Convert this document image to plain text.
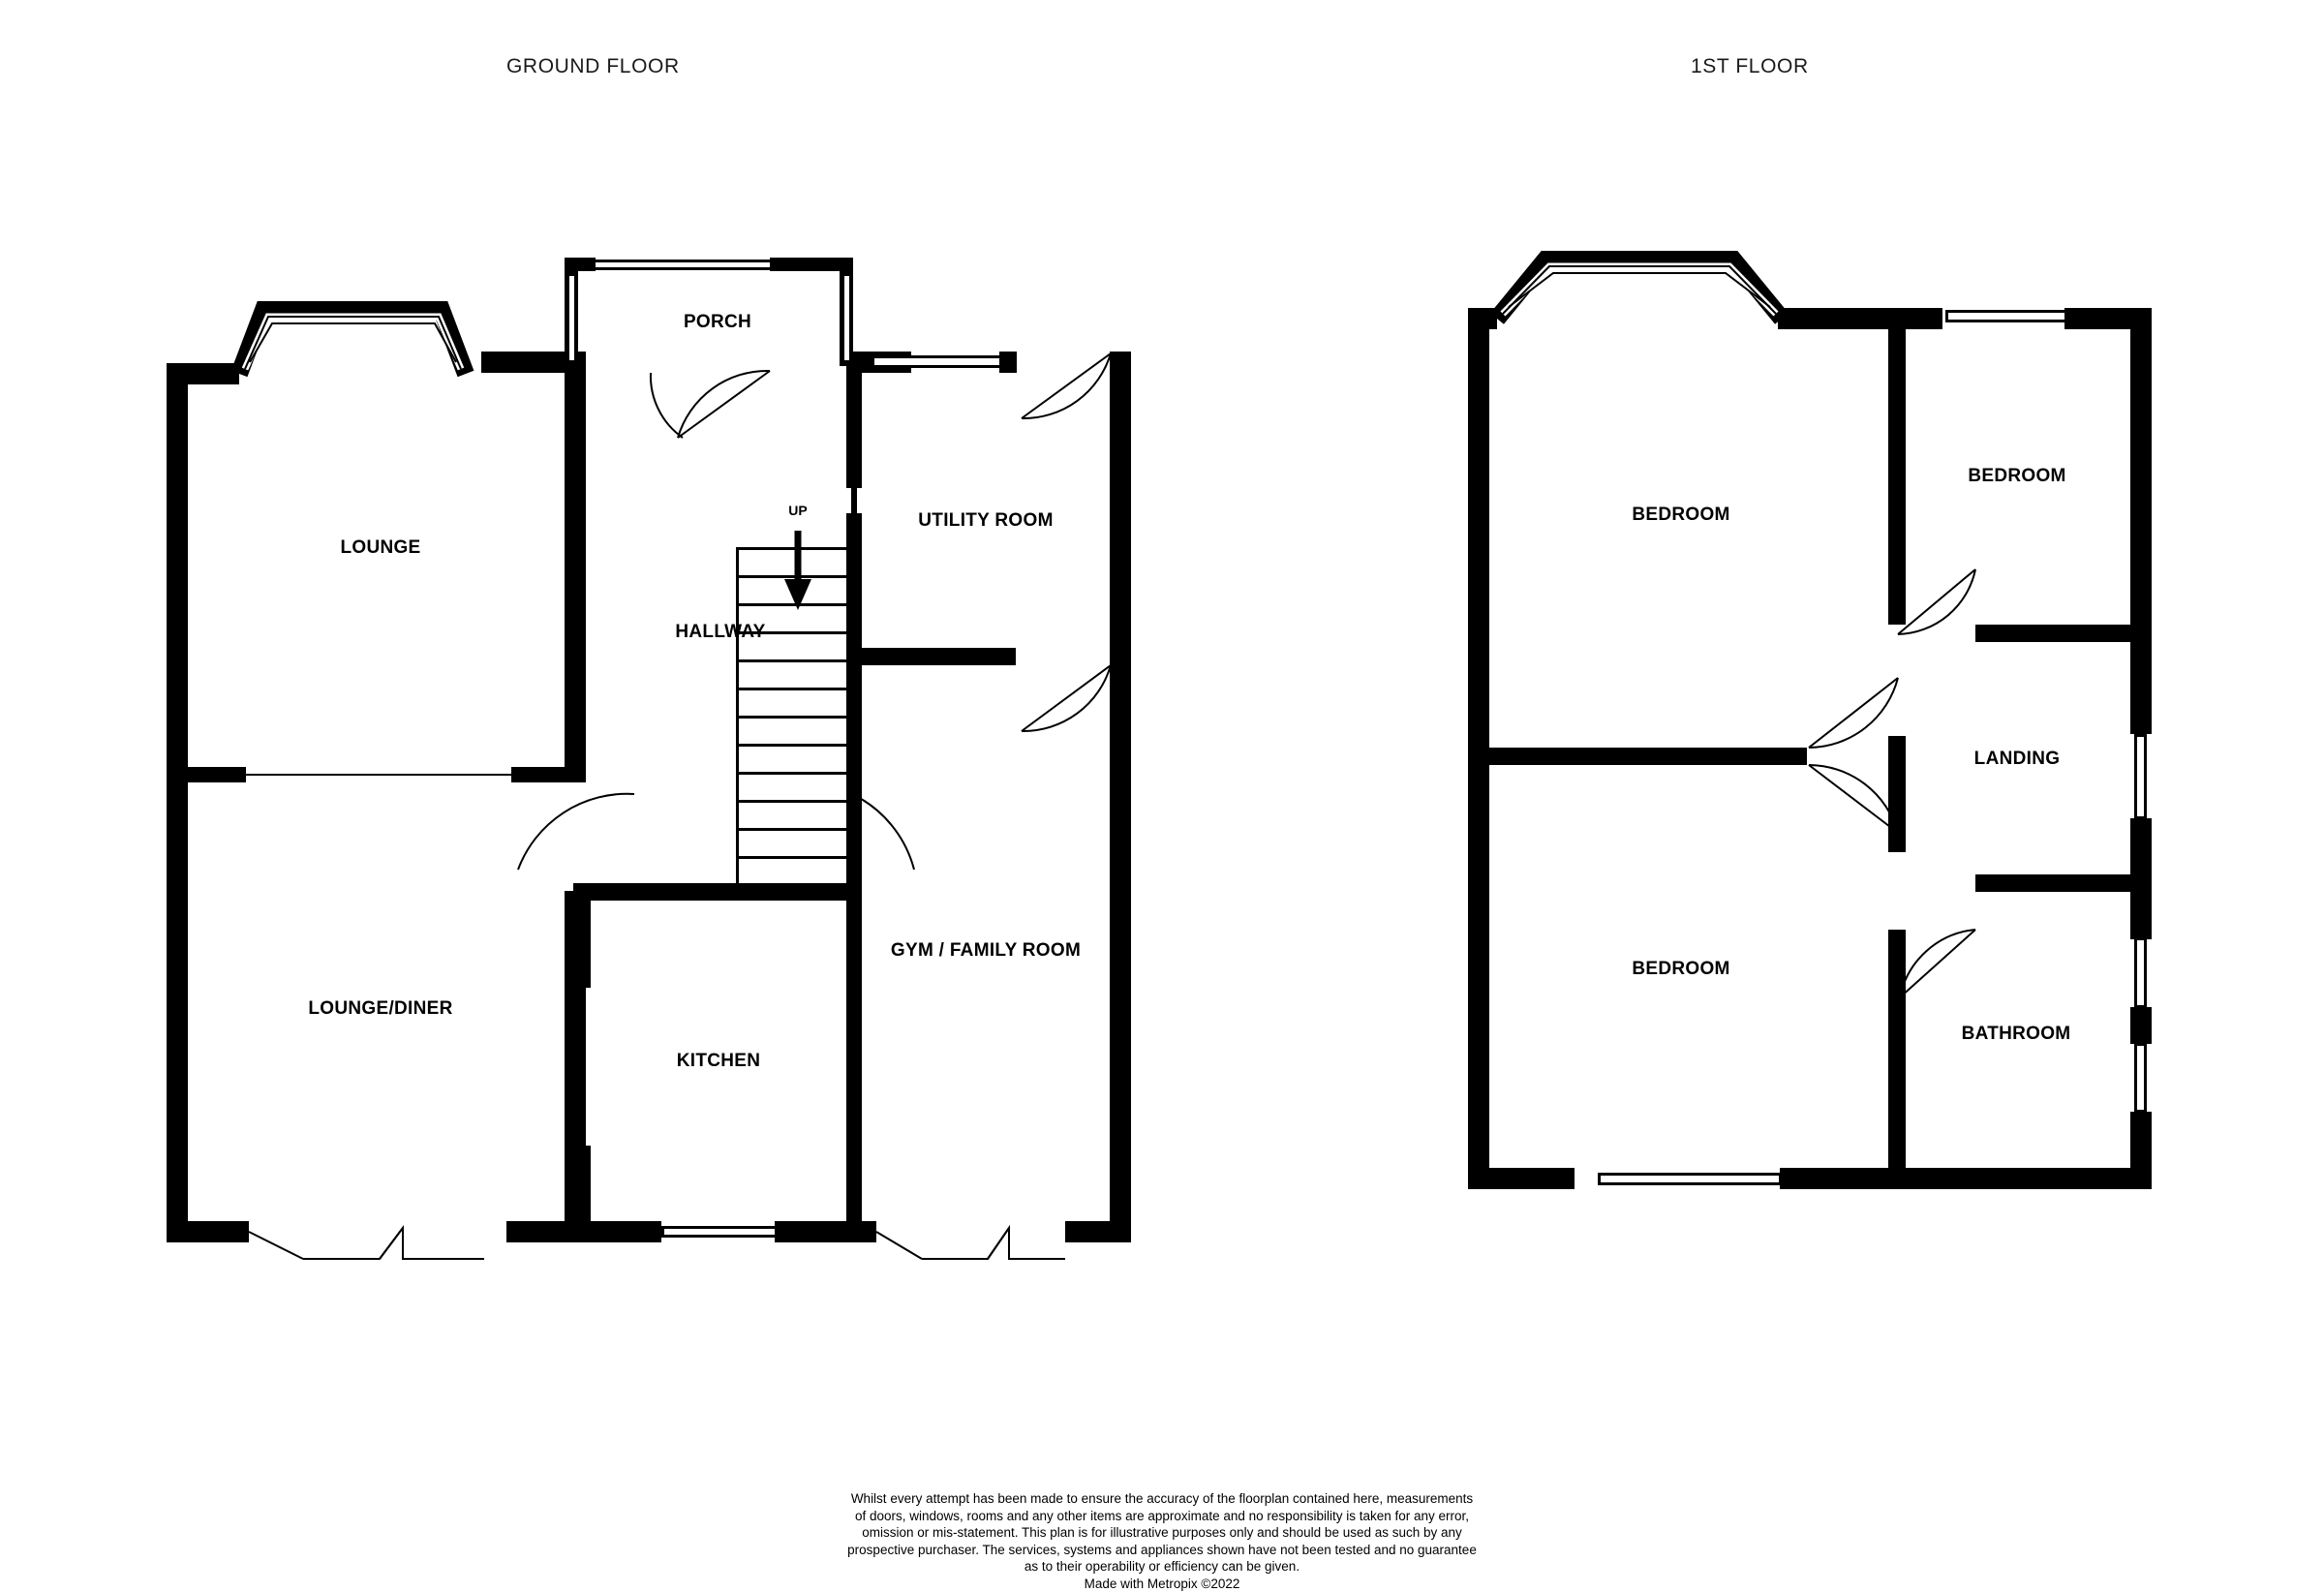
GROUND FLOOR	1ST FLOOR
LOUNGE
PORCH
UTILITY ROOM
HALLWAY
LOUNGE/DINER
KITCHEN
GYM / FAMILY ROOM
UP	BEDROOM
BEDROOM
LANDING
BEDROOM
BATHROOM
Whilst every attempt has been made to ensure the accuracy of the floorplan contained here, measurements
of doors, windows, rooms and any other items are approximate and no responsibility is taken for any error,
omission or mis-statement. This plan is for illustrative purposes only and should be used as such by any
prospective purchaser. The services, systems and appliances shown have not been tested and no guarantee
as to their operability or efficiency can be given.
Made with Metropix ©2022
